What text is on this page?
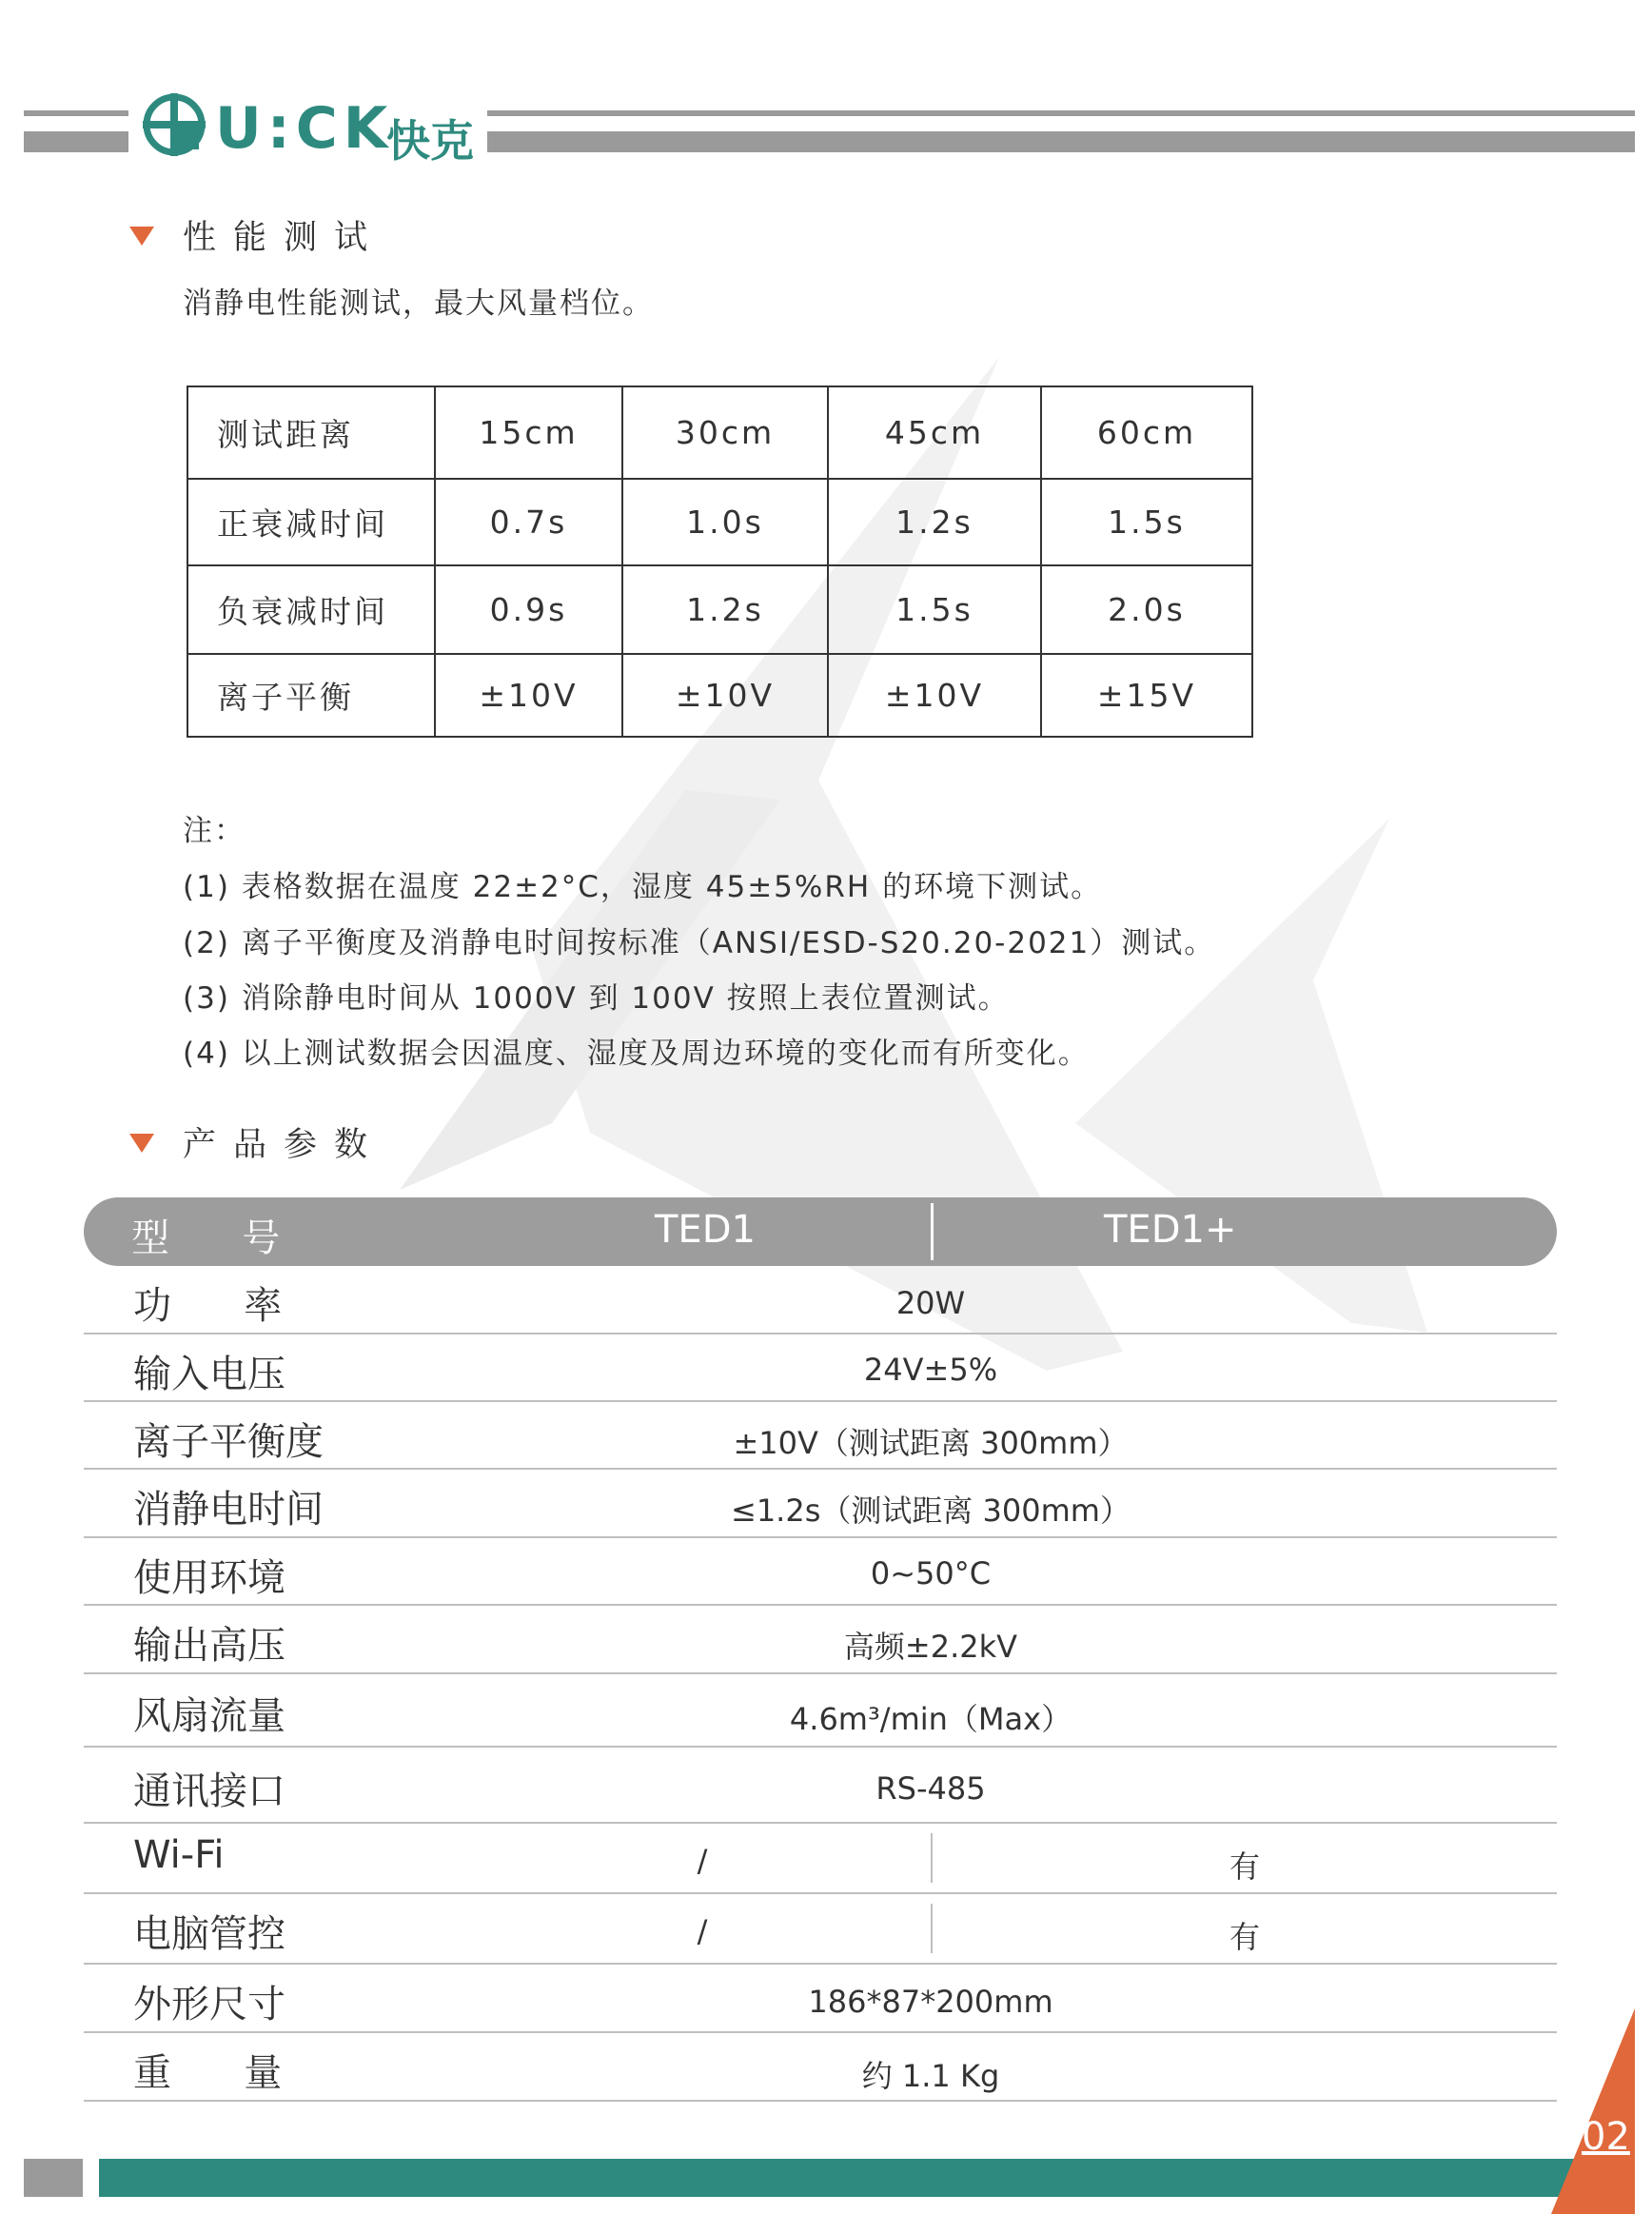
U:CK
快克
性能测试
消静电性能测试，最大风量档位。
测试距离	15cm	30cm	45cm	60cm
正衰减时间	0.7s	1.0s	1.2s	1.5s
负衰减时间	0.9s	1.2s	1.5s	2.0s
离子平衡	±10V	±10V	±10V	±15V
注：
(1) 表格数据在温度 22±2°C，湿度 45±5%RH 的环境下测试。
(2) 离子平衡度及消静电时间按标准（ANSI/ESD-S20.20-2021）测试。
(3) 消除静电时间从 1000V 到 100V 按照上表位置测试。
(4) 以上测试数据会因温度、湿度及周边环境的变化而有所变化。
产品参数
型      号	TED1	TED1+
功      率	20W
输入电压	24V±5%
离子平衡度	±10V（测试距离 300mm）
消静电时间	≤1.2s（测试距离 300mm）
使用环境	0~50°C
输出高压	高频±2.2kV
风扇流量	4.6m³/min（Max）
通讯接口	RS-485
Wi-Fi	/	有
电脑管控	/	有
外形尺寸	186*87*200mm
重      量	约 1.1 Kg
02
